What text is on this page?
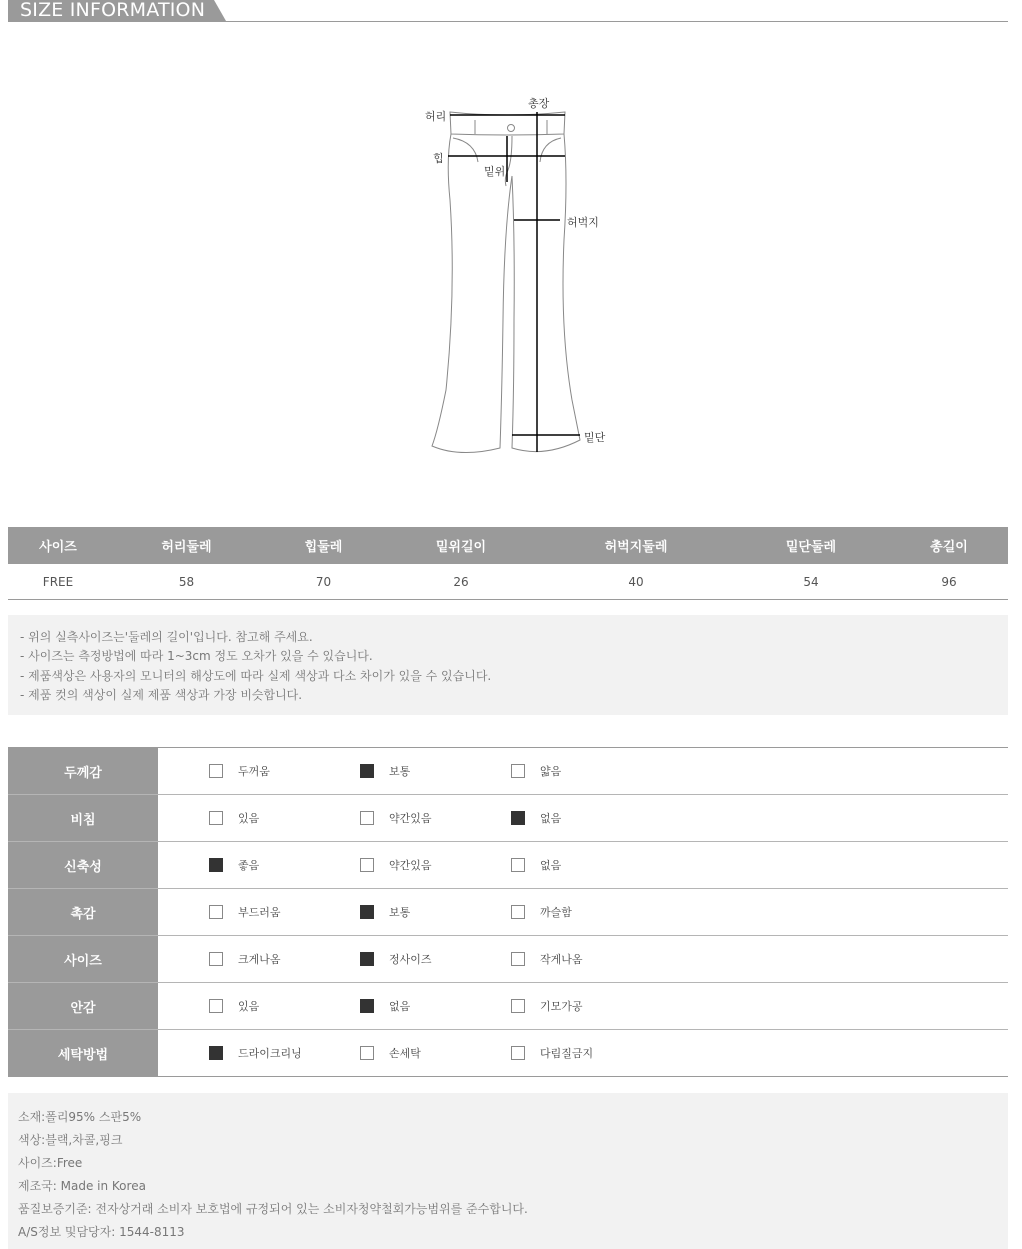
SIZE INFORMATION
허리
총장
힙
밑위
허벅지
밑단
사이즈	허리둘레	힙둘레	밑위길이	허벅지둘레	밑단둘레	총길이
FREE	58	70	26	40	54	96
- 위의 실측사이즈는'둘레의 길이'입니다. 참고해 주세요.
- 사이즈는 측정방법에 따라 1~3cm 정도 오차가 있을 수 있습니다.
- 제품색상은 사용자의 모니터의 해상도에 따라 실제 색상과 다소 차이가 있을 수 있습니다.
- 제품 컷의 색상이 실제 제품 색상과 가장 비슷합니다.
두께감	두꺼움	보통	얇음
비침	있음	약간있음	없음
신축성	좋음	약간있음	없음
촉감	부드러움	보통	까슬함
사이즈	크게나옴	정사이즈	작게나옴
안감	있음	없음	기모가공
세탁방법	드라이크리닝	손세탁	다림질금지
소재:폴리95% 스판5%
색상:블랙,차콜,핑크
사이즈:Free
제조국: Made in Korea
품질보증기준: 전자상거래 소비자 보호법에 규정되어 있는 소비자청약철회가능범위를 준수합니다.
A/S정보 및담당자: 1544-8113
